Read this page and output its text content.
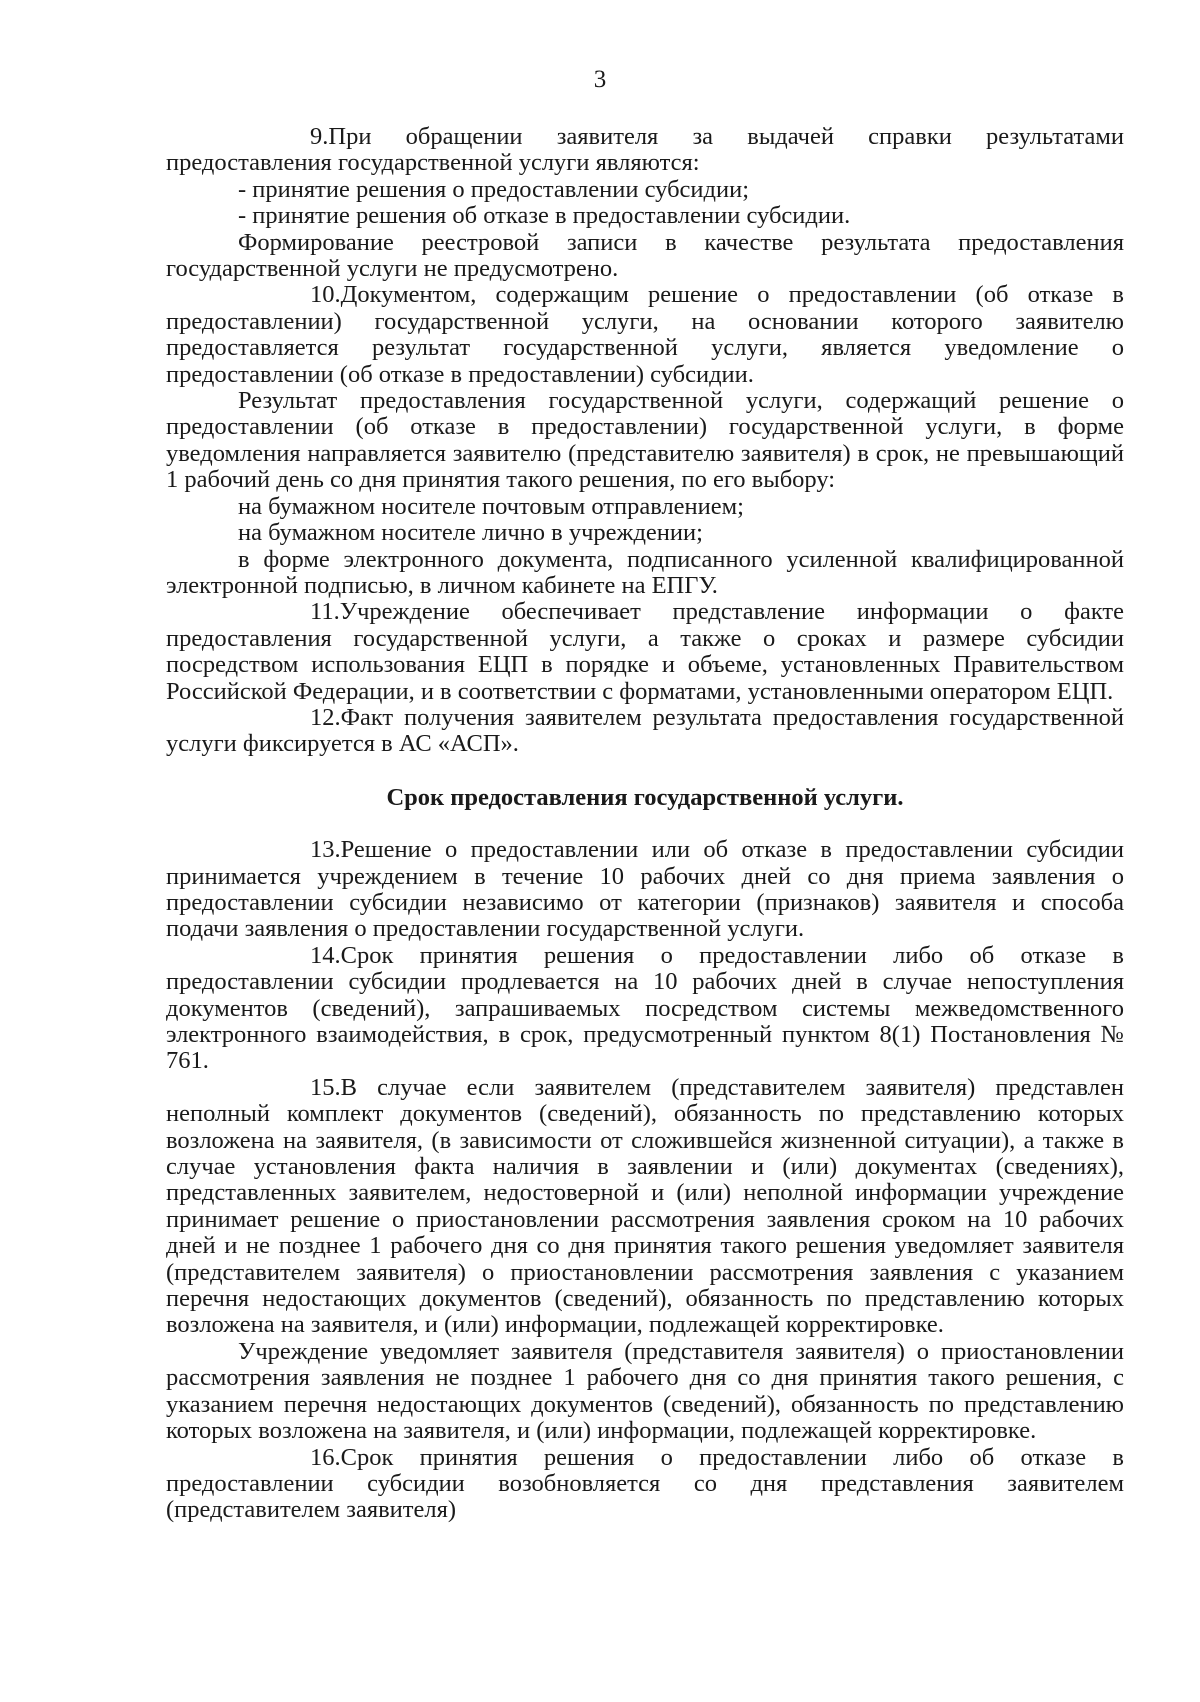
3

9.При обращении заявителя за выдачей справки результатами предоставления государственной услуги являются:

- принятие решения о предоставлении субсидии;

- принятие решения об отказе в предоставлении субсидии.

Формирование реестровой записи в качестве результата предоставления государственной услуги не предусмотрено.

10.Документом, содержащим решение о предоставлении (об отказе в предоставлении) государственной услуги, на основании которого заявителю предоставляется результат государственной услуги, является уведомление о предоставлении (об отказе в предоставлении) субсидии.

Результат предоставления государственной услуги, содержащий решение о предоставлении (об отказе в предоставлении) государственной услуги, в форме уведомления направляется заявителю (представителю заявителя) в срок, не превышающий 1 рабочий день со дня принятия такого решения, по его выбору:

на бумажном носителе почтовым отправлением;

на бумажном носителе лично в учреждении;

в форме электронного документа, подписанного усиленной квалифицированной электронной подписью, в личном кабинете на ЕПГУ.

11.Учреждение обеспечивает представление информации о факте предоставления государственной услуги, а также о сроках и размере субсидии посредством использования ЕЦП в порядке и объеме, установленных Правительством Российской Федерации, и в соответствии с форматами, установленными оператором ЕЦП.

12.Факт получения заявителем результата предоставления государственной услуги фиксируется в АС «АСП».

Срок предоставления государственной услуги.

13.Решение о предоставлении или об отказе в предоставлении субсидии принимается учреждением в течение 10 рабочих дней со дня приема заявления о предоставлении субсидии независимо от категории (признаков) заявителя и способа подачи заявления о предоставлении государственной услуги.

14.Срок принятия решения о предоставлении либо об отказе в предоставлении субсидии продлевается на 10 рабочих дней в случае непоступления документов (сведений), запрашиваемых посредством системы межведомственного электронного взаимодействия, в срок, предусмотренный пунктом 8(1) Постановления № 761.

15.В случае если заявителем (представителем заявителя) представлен неполный комплект документов (сведений), обязанность по представлению которых возложена на заявителя, (в зависимости от сложившейся жизненной ситуации), а также в случае установления факта наличия в заявлении и (или) документах (сведениях), представленных заявителем, недостоверной и (или) неполной информации учреждение принимает решение о приостановлении рассмотрения заявления сроком на 10 рабочих дней и не позднее 1 рабочего дня со дня принятия такого решения уведомляет заявителя (представителем заявителя) о приостановлении рассмотрения заявления с указанием перечня недостающих документов (сведений), обязанность по представлению которых возложена на заявителя, и (или) информации, подлежащей корректировке.

Учреждение уведомляет заявителя (представителя заявителя) о приостановлении рассмотрения заявления не позднее 1 рабочего дня со дня принятия такого решения, с указанием перечня недостающих документов (сведений), обязанность по представлению которых возложена на заявителя, и (или) информации, подлежащей корректировке.

16.Срок принятия решения о предоставлении либо об отказе в предоставлении субсидии возобновляется со дня представления заявителем (представителем заявителя)
